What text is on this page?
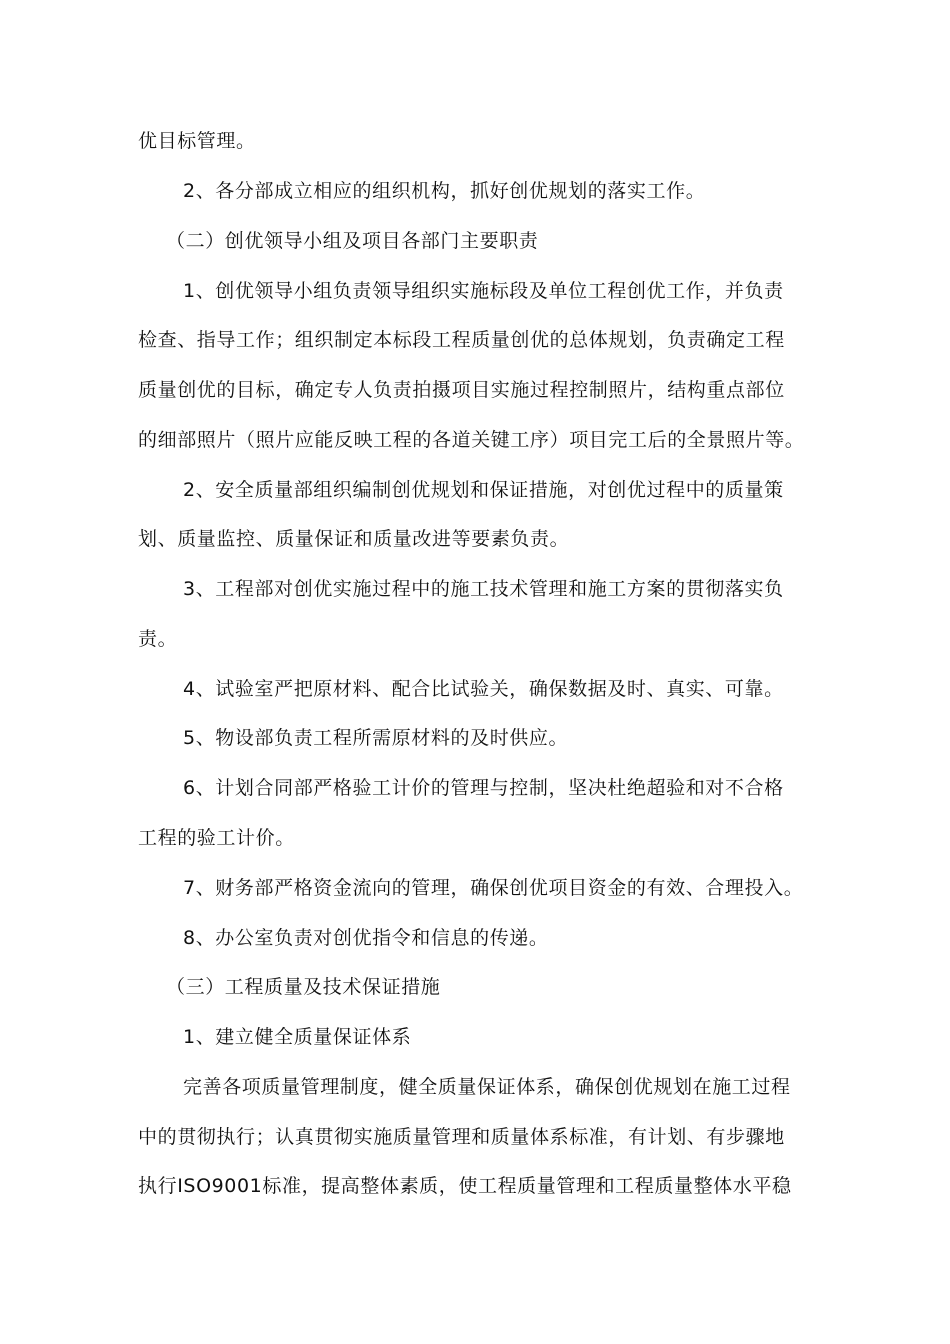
优目标管理。
2、各分部成立相应的组织机构，抓好创优规划的落实工作。
（二）创优领导小组及项目各部门主要职责
1、创优领导小组负责领导组织实施标段及单位工程创优工作，并负责
检查、指导工作；组织制定本标段工程质量创优的总体规划，负责确定工程
质量创优的目标，确定专人负责拍摄项目实施过程控制照片，结构重点部位
的细部照片（照片应能反映工程的各道关键工序）项目完工后的全景照片等。
2、安全质量部组织编制创优规划和保证措施，对创优过程中的质量策
划、质量监控、质量保证和质量改进等要素负责。
3、工程部对创优实施过程中的施工技术管理和施工方案的贯彻落实负
责。
4、试验室严把原材料、配合比试验关，确保数据及时、真实、可靠。
5、物设部负责工程所需原材料的及时供应。
6、计划合同部严格验工计价的管理与控制，坚决杜绝超验和对不合格
工程的验工计价。
7、财务部严格资金流向的管理，确保创优项目资金的有效、合理投入。
8、办公室负责对创优指令和信息的传递。
（三）工程质量及技术保证措施
1、建立健全质量保证体系
完善各项质量管理制度，健全质量保证体系，确保创优规划在施工过程
中的贯彻执行；认真贯彻实施质量管理和质量体系标准，有计划、有步骤地
执行ISO9001标准，提高整体素质，使工程质量管理和工程质量整体水平稳
